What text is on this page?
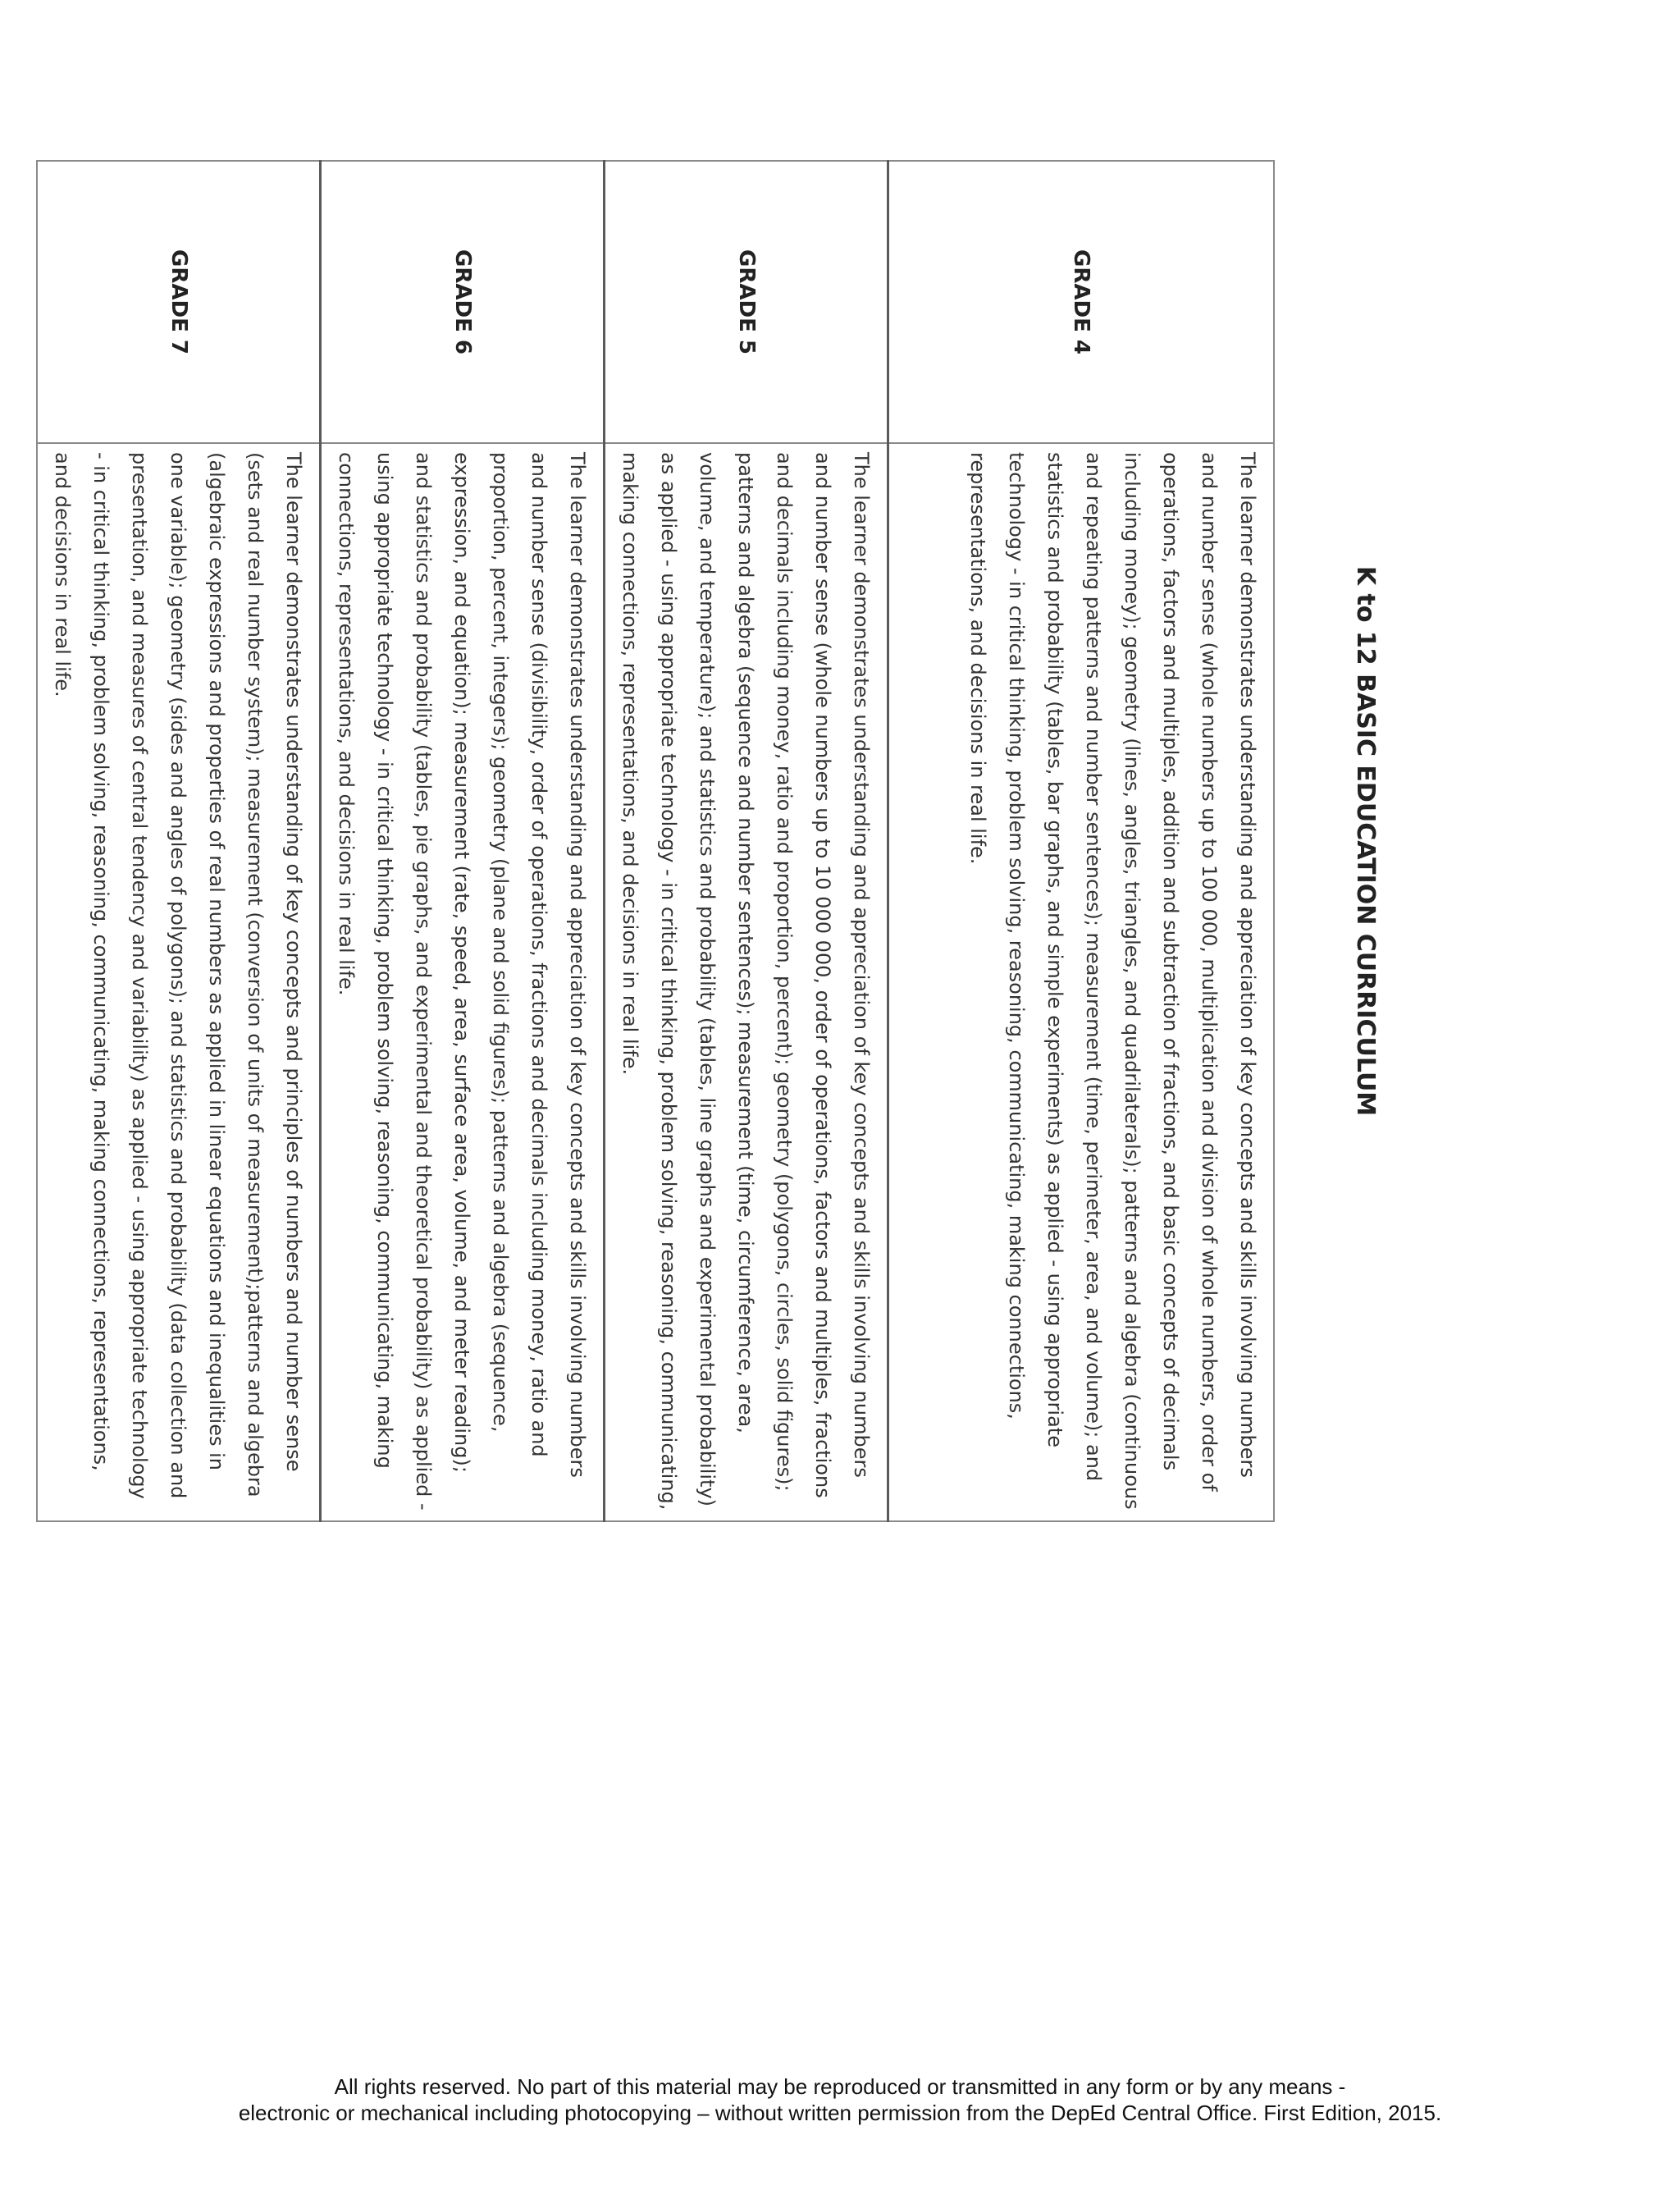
K to 12 BASIC EDUCATION CURRICULUM
GRADE 4	The learner demonstrates understanding and appreciation of key concepts and skills involving numbers and number sense (whole numbers up to 100 000, multiplication and division of whole numbers, order of operations, factors and multiples, addition and subtraction of fractions, and basic concepts of decimals including money); geometry (lines, angles, triangles, and quadrilaterals); patterns and algebra (continuous and repeating patterns and number sentences); measurement (time, perimeter, area, and volume); and statistics and probability (tables, bar graphs, and simple experiments) as applied - using appropriate technology - in critical thinking, problem solving, reasoning, communicating, making connections, representations, and decisions in real life.
GRADE 5	The learner demonstrates understanding and appreciation of key concepts and skills involving numbers and number sense (whole numbers up to 10 000 000, order of operations, factors and multiples, fractions and decimals including money, ratio and proportion, percent); geometry (polygons, circles, solid figures); patterns and algebra (sequence and number sentences); measurement (time, circumference, area, volume, and temperature); and statistics and probability (tables, line graphs and experimental probability) as applied - using appropriate technology - in critical thinking, problem solving, reasoning, communicating, making connections, representations, and decisions in real life.
GRADE 6	The learner demonstrates understanding and appreciation of key concepts and skills involving numbers and number sense (divisibility, order of operations, fractions and decimals including money, ratio and proportion, percent, integers); geometry (plane and solid figures); patterns and algebra (sequence, expression, and equation); measurement (rate, speed, area, surface area, volume, and meter reading); and statistics and probability (tables, pie graphs, and experimental and theoretical probability) as applied - using appropriate technology - in critical thinking, problem solving, reasoning, communicating, making connections, representations, and decisions in real life.
GRADE 7	The learner demonstrates understanding of key concepts and principles of numbers and number sense (sets and real number system); measurement (conversion of units of measurement);patterns and algebra (algebraic expressions and properties of real numbers as applied in linear equations and inequalities in one variable); geometry (sides and angles of polygons); and statistics and probability (data collection and presentation, and measures of central tendency and variability) as applied - using appropriate technology - in critical thinking, problem solving, reasoning, communicating, making connections, representations, and decisions in real life.
All rights reserved. No part of this material may be reproduced or transmitted in any form or by any means -
electronic or mechanical including photocopying – without written permission from the DepEd Central Office. First Edition, 2015.
